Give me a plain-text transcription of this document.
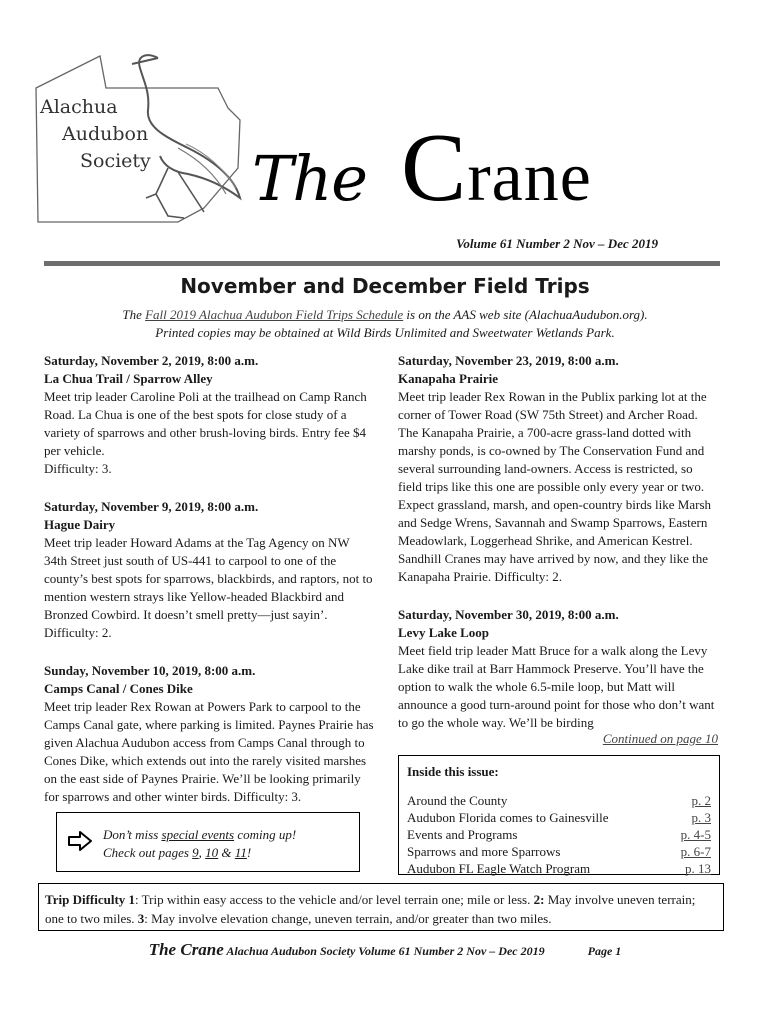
Alachua
Audubon
Society The Crane
Volume 61 Number 2 Nov – Dec 2019
November and December Field Trips
The Fall 2019 Alachua Audubon Field Trips Schedule is on the AAS web site (AlachuaAudubon.org).
Printed copies may be obtained at Wild Birds Unlimited and Sweetwater Wetlands Park.
Saturday, November 2, 2019, 8:00 a.m.
La Chua Trail / Sparrow Alley
Meet trip leader Caroline Poli at the trailhead on Camp Ranch Road. La Chua is one of the best spots for close study of a variety of sparrows and other brush-loving birds. Entry fee $4 per vehicle.
Difficulty: 3.
Saturday, November 9, 2019, 8:00 a.m.
Hague Dairy
Meet trip leader Howard Adams at the Tag Agency on NW 34th Street just south of US-441 to carpool to one of the county’s best spots for sparrows, blackbirds, and raptors, not to mention western strays like Yellow-headed Blackbird and Bronzed Cowbird. It doesn’t smell pretty—just sayin’. Difficulty: 2.
Sunday, November 10, 2019, 8:00 a.m.
Camps Canal / Cones Dike
Meet trip leader Rex Rowan at Powers Park to carpool to the Camps Canal gate, where parking is limited. Paynes Prairie has given Alachua Audubon access from Camps Canal through to Cones Dike, which extends out into the rarely visited marshes on the east side of Paynes Prairie. We’ll be looking primarily for sparrows and other winter birds. Difficulty: 3.
Saturday, November 23, 2019, 8:00 a.m.
Kanapaha Prairie
Meet trip leader Rex Rowan in the Publix parking lot at the corner of Tower Road (SW 75th Street) and Archer Road. The Kanapaha Prairie, a 700-acre grass-land dotted with marshy ponds, is co-owned by The Conservation Fund and several surrounding land-owners. Access is restricted, so field trips like this one are possible only every year or two. Expect grassland, marsh, and open-country birds like Marsh and Sedge Wrens, Savannah and Swamp Sparrows, Eastern Meadowlark, Loggerhead Shrike, and American Kestrel. Sandhill Cranes may have arrived by now, and they like the Kanapaha Prairie. Difficulty: 2.
Saturday, November 30, 2019, 8:00 a.m.
Levy Lake Loop
Meet field trip leader Matt Bruce for a walk along the Levy Lake dike trail at Barr Hammock Preserve. You’ll have the option to walk the whole 6.5-mile loop, but Matt will announce a good turn-around point for those who don’t want to go the whole way. We’ll be birding
Continued on page 10
Inside this issue:
Around the County	p. 2
Audubon Florida comes to Gainesville	p. 3
Events and Programs	p. 4-5
Sparrows and more Sparrows	p. 6-7
Audubon FL Eagle Watch Program	p. 13
Don’t miss special events coming up!
Check out pages 9, 10 & 11!
Trip Difficulty 1: Trip within easy access to the vehicle and/or level terrain one; mile or less. 2: May involve uneven terrain; one to two miles. 3: May involve elevation change, uneven terrain, and/or greater than two miles.
The Crane Alachua Audubon Society Volume 61 Number 2 Nov – Dec 2019	Page 1
